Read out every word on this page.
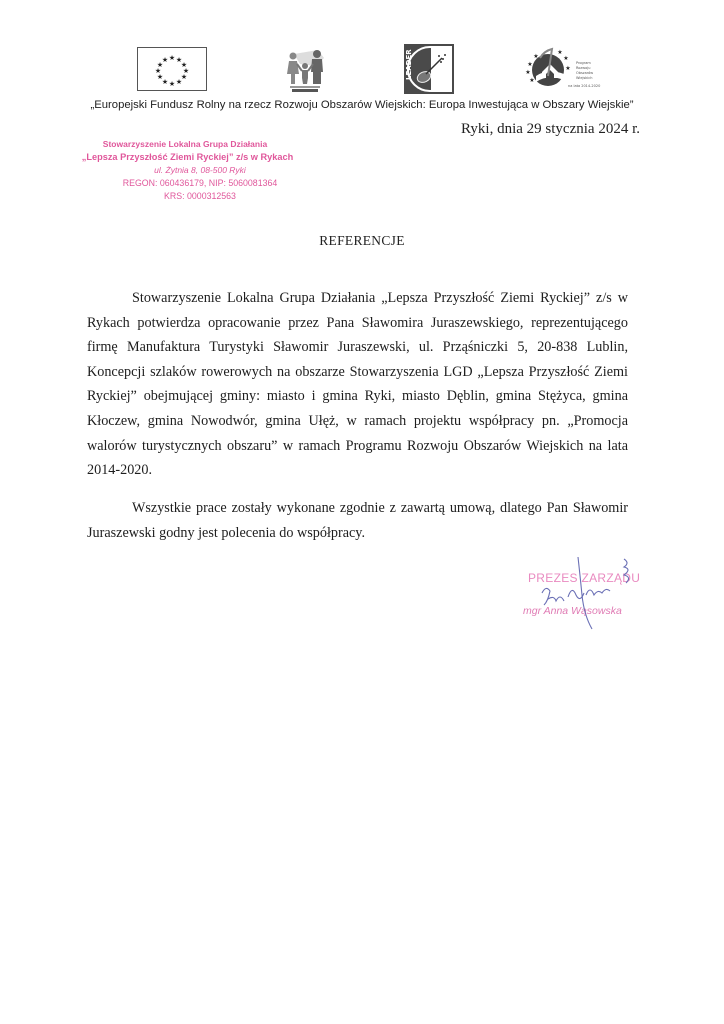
★ ★
★
★
★
★
★
★
★
★
★
★	LEADER	★
★
★
★
★
★
★
Program
Rozwoju
Obszarów
Wiejskich
na lata 2014-2020
„Europejski Fundusz Rolny na rzecz Rozwoju Obszarów Wiejskich: Europa Inwestująca w Obszary Wiejskie”
Ryki, dnia 29 stycznia 2024 r.
Stowarzyszenie Lokalna Grupa Działania
„Lepsza Przyszłość Ziemi Ryckiej” z/s w Rykach
ul. Żytnia 8, 08-500 Ryki
REGON: 060436179, NIP: 5060081364
KRS: 0000312563
REFERENCJE
Stowarzyszenie Lokalna Grupa Działania „Lepsza Przyszłość Ziemi Ryckiej” z/s w Rykach potwierdza opracowanie przez Pana Sławomira Juraszewskiego, reprezentującego firmę Manufaktura Turystyki Sławomir Juraszewski, ul. Prząśniczki 5, 20-838 Lublin, Koncepcji szlaków rowerowych na obszarze Stowarzyszenia LGD „Lepsza Przyszłość Ziemi Ryckiej” obejmującej gminy: miasto i gmina Ryki, miasto Dęblin, gmina Stężyca, gmina Kłoczew, gmina Nowodwór, gmina Ułęż, w ramach projektu współpracy pn. „Promocja walorów turystycznych obszaru” w ramach Programu Rozwoju Obszarów Wiejskich na lata 2014-2020.
Wszystkie prace zostały wykonane zgodnie z zawartą umową, dlatego Pan Sławomir Juraszewski godny jest polecenia do współpracy.
PREZES ZARZĄDU
mgr Anna Wąsowska
